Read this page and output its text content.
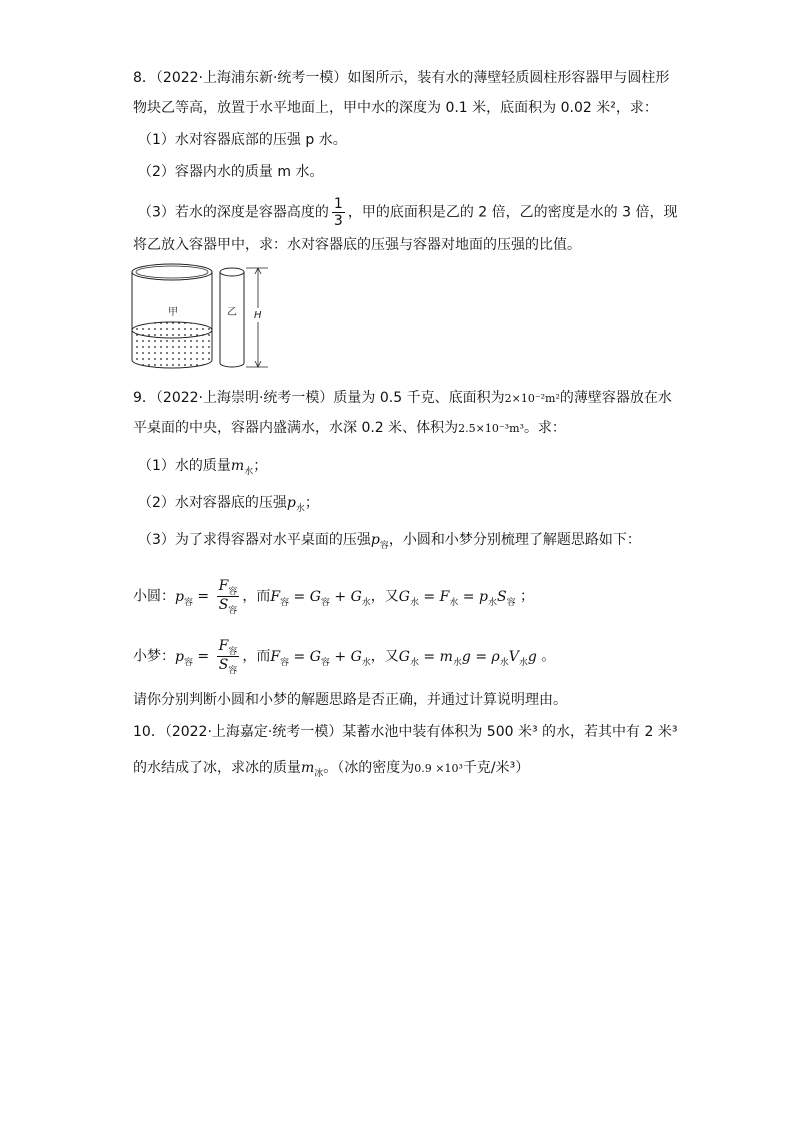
8．（2022·上海浦东新·统考一模）如图所示，装有水的薄壁轻质圆柱形容器甲与圆柱形
物块乙等高，放置于水平地面上，甲中水的深度为 0.1 米，底面积为 0.02 米²，求：
（1）水对容器底部的压强 p 水。
（2）容器内水的质量 m 水。
（3）若水的深度是容器高度的 $\frac{1}{3}$ ，甲的底面积是乙的 2 倍，乙的密度是水的 3 倍，现
将乙放入容器甲中，求：水对容器底的压强与容器对地面的压强的比值。
甲	乙 H
9．（2022·上海崇明·统考一模）质量为 0.5 千克、底面积为2×10⁻²m²的薄壁容器放在水
平桌面的中央，容器内盛满水，水深 0.2 米、体积为2.5×10⁻³m³。求：
（1）水的质量$m_水$；
（2）水对容器底的压强$p_水$；
（3）为了求得容器对水平桌面的压强$p_容$，小圆和小梦分别梳理了解题思路如下：
小圆：$p_容 = \frac{F_容}{S_容}$ ，而$F_容 = G_容 + G_水$，又$G_水 = F_水 = p_水S_容$ ；
小梦：$p_容 = \frac{F_容}{S_容}$ ，而$F_容 = G_容 + G_水$，又$G_水 = m_水g = \rho_水V_水g$ 。
请你分别判断小圆和小梦的解题思路是否正确，并通过计算说明理由。
10．（2022·上海嘉定·统考一模）某蓄水池中装有体积为 500 米³ 的水，若其中有 2 米³
的水结成了冰，求冰的质量$m_冰$。（冰的密度为0.9 ×10³千克/米³）
